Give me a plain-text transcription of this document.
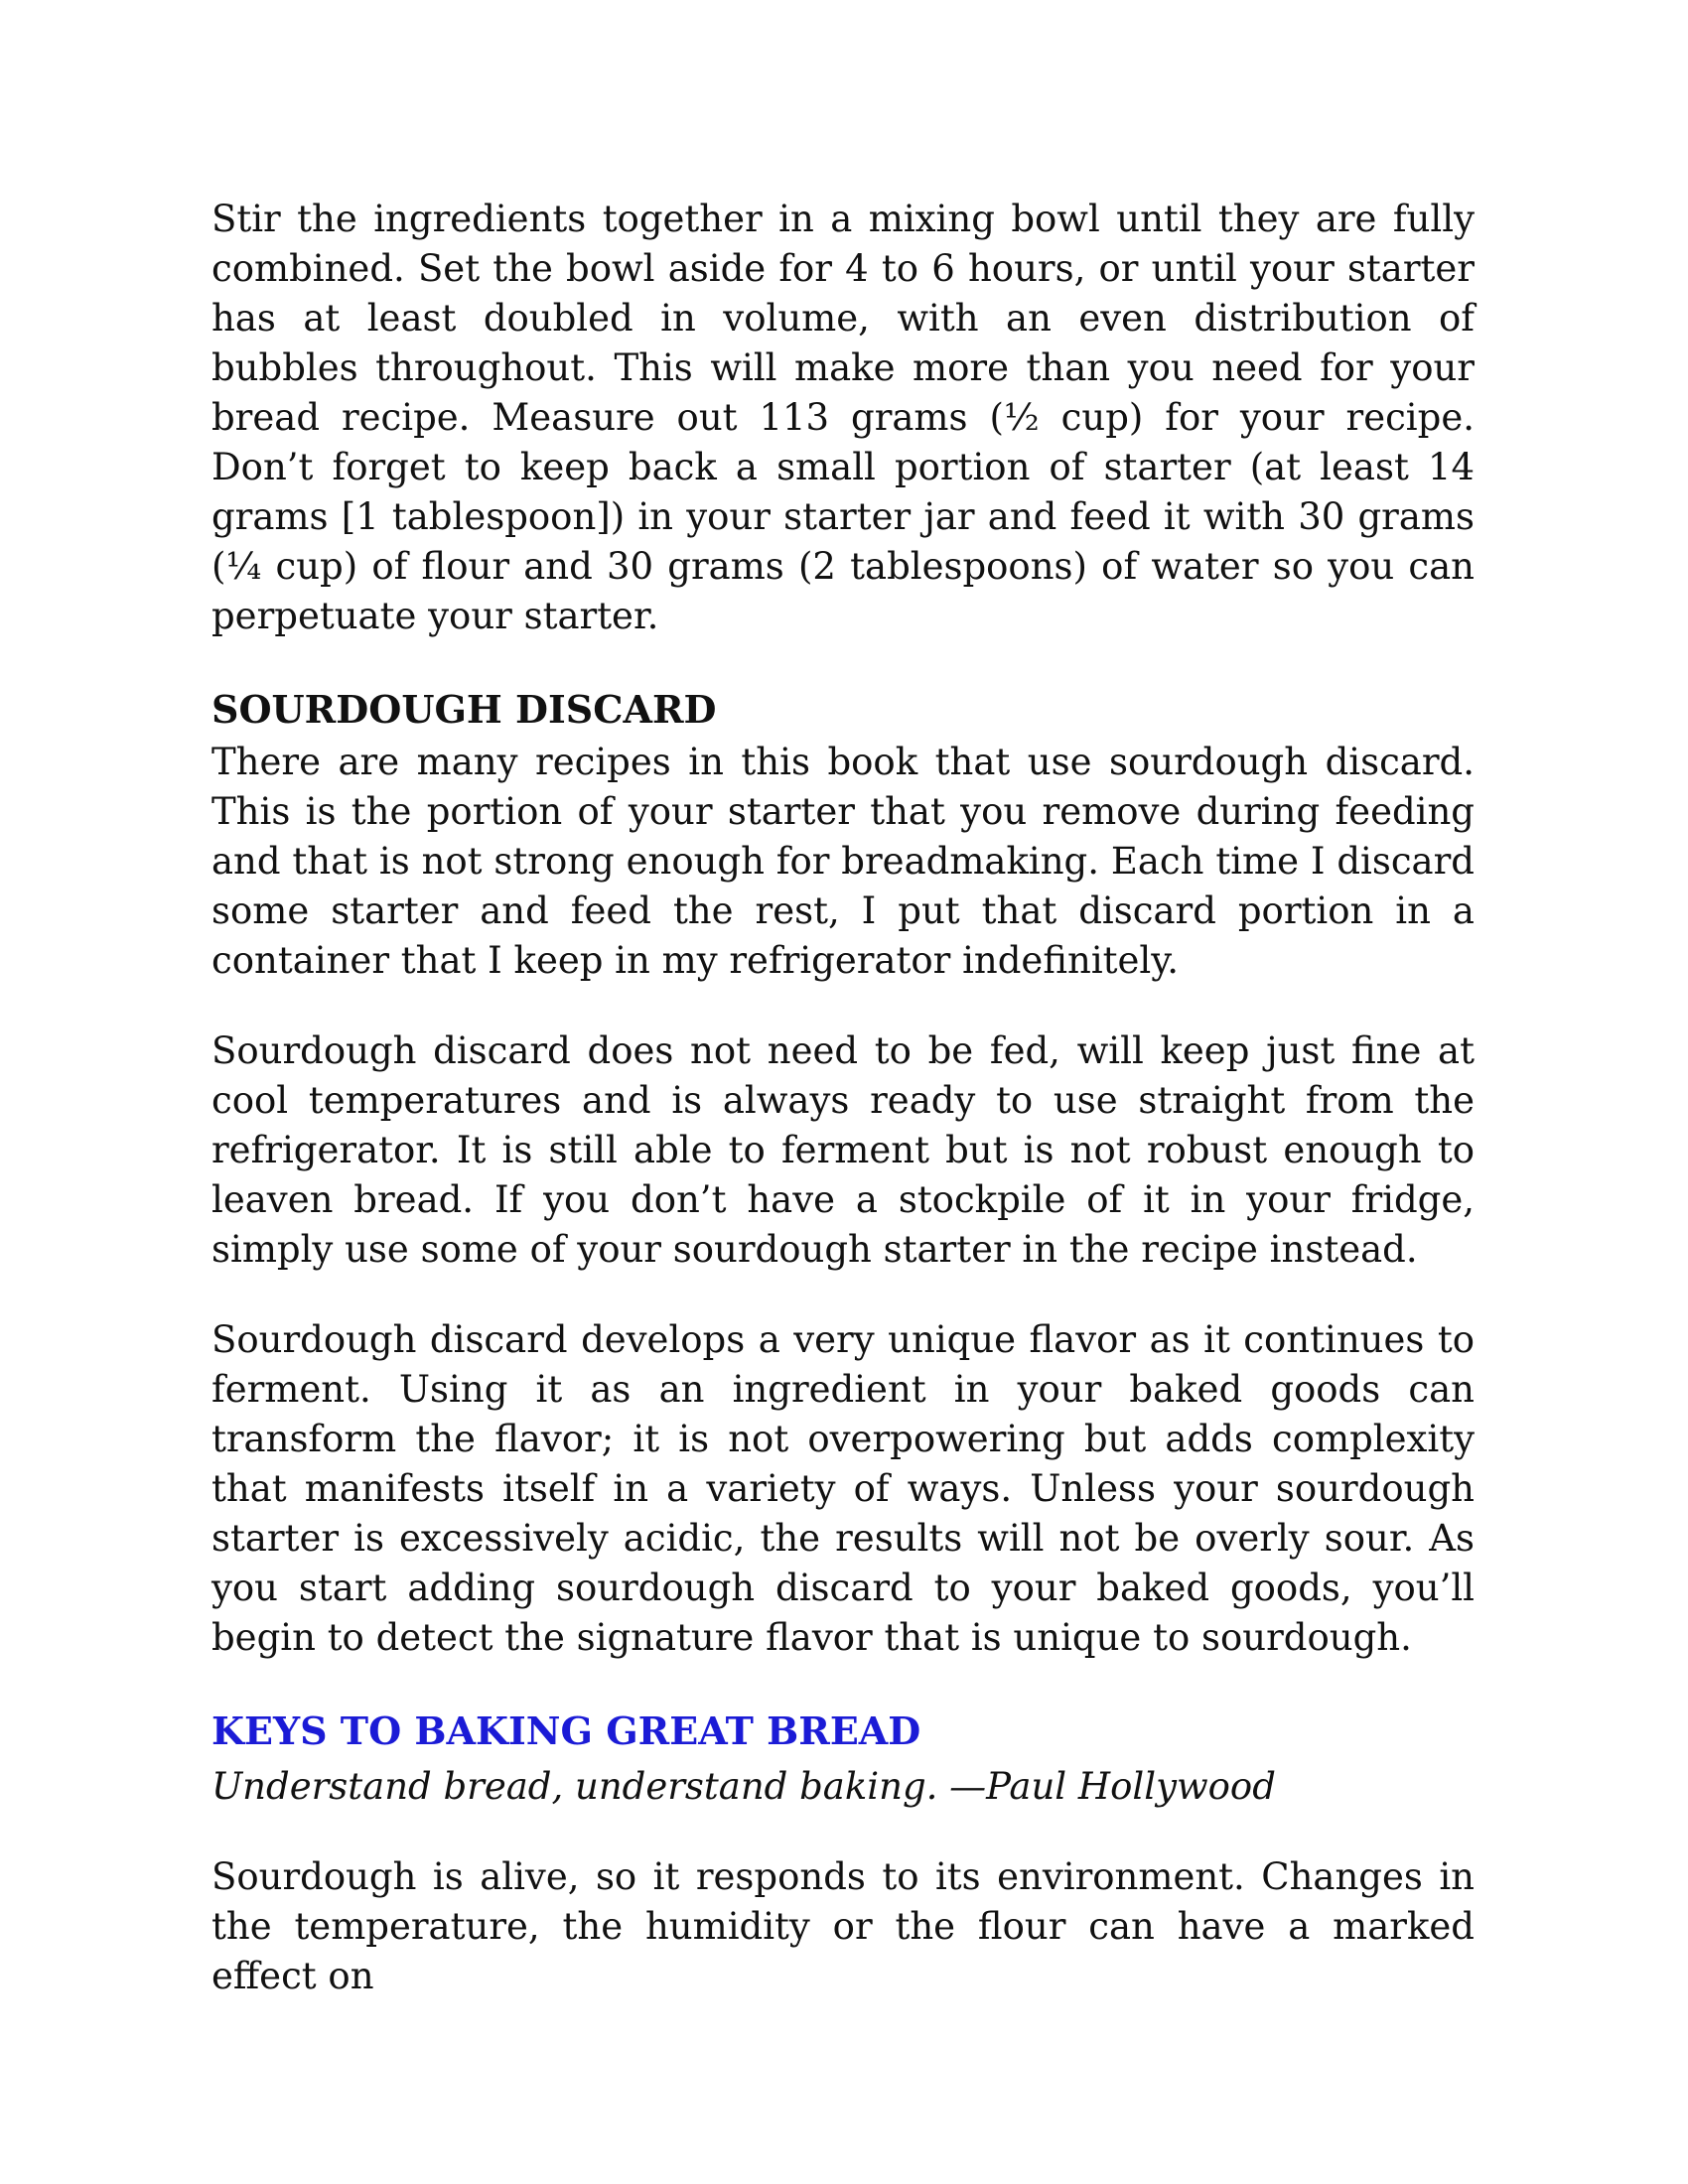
Stir the ingredients together in a mixing bowl until they are fully combined. Set the bowl aside for 4 to 6 hours, or until your starter has at least doubled in volume, with an even distribution of bubbles throughout. This will make more than you need for your bread recipe. Measure out 113 grams (½ cup) for your recipe. Don’t forget to keep back a small portion of starter (at least 14 grams [1 tablespoon]) in your starter jar and feed it with 30 grams (¼ cup) of flour and 30 grams (2 tablespoons) of water so you can perpetuate your starter.

SOURDOUGH DISCARD

There are many recipes in this book that use sourdough discard. This is the portion of your starter that you remove during feeding and that is not strong enough for breadmaking. Each time I discard some starter and feed the rest, I put that discard portion in a container that I keep in my refrigerator indefinitely.

Sourdough discard does not need to be fed, will keep just fine at cool temperatures and is always ready to use straight from the refrigerator. It is still able to ferment but is not robust enough to leaven bread. If you don’t have a stockpile of it in your fridge, simply use some of your sourdough starter in the recipe instead.

Sourdough discard develops a very unique flavor as it continues to ferment. Using it as an ingredient in your baked goods can transform the flavor; it is not overpowering but adds complexity that manifests itself in a variety of ways. Unless your sourdough starter is excessively acidic, the results will not be overly sour. As you start adding sourdough discard to your baked goods, you’ll begin to detect the signature flavor that is unique to sourdough.

KEYS TO BAKING GREAT BREAD

Understand bread, understand baking. —Paul Hollywood

Sourdough is alive, so it responds to its environment. Changes in the temperature, the humidity or the flour can have a marked effect on
